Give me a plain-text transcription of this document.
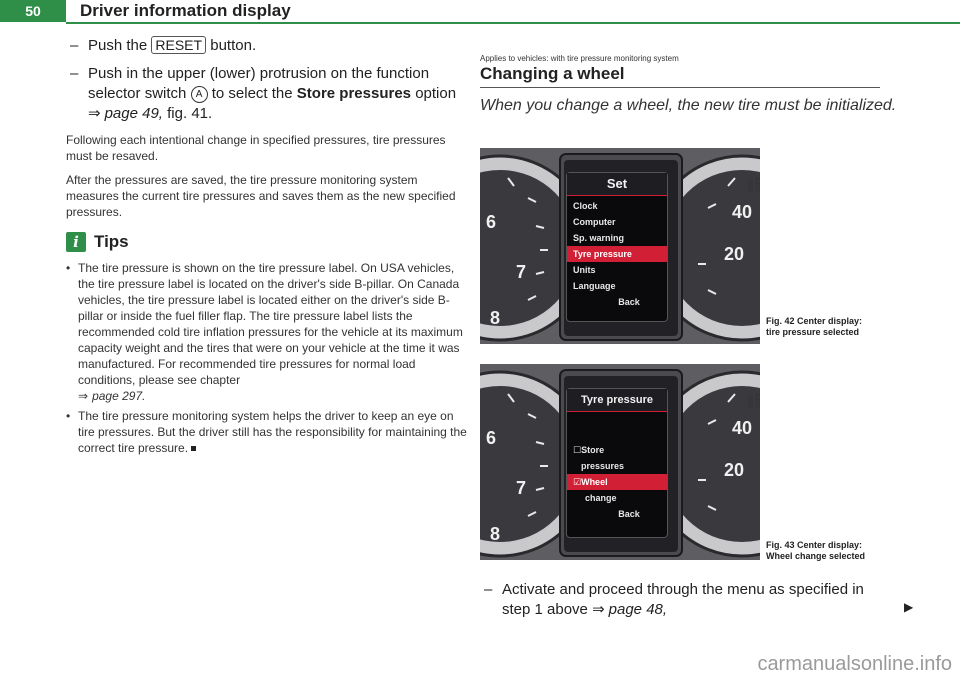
50	Driver information display
– Push the RESET button.
– Push in the upper (lower) protrusion on the function
selector switch A to select the Store pressures option
⇒ page 49, fig. 41.

Following each intentional change in specified pressures, tire pressures must be resaved.

After the pressures are saved, the tire pressure monitoring system measures the current tire pressures and saves them as the new specified pressures.

i Tips
• The tire pressure is shown on the tire pressure label. On USA vehicles, the tire pressure label is located on the driver's side B-pillar. On Canada vehicles, the tire pressure label is located either on the driver's side B-pillar or inside the fuel filler flap. The tire pressure label lists the recommended cold tire inflation pressures for the vehicle at its maximum capacity weight and the tires that were on your vehicle at the time it was manufactured. For recommended tire pressures for normal load conditions, please see chapter
⇒ page 297.
• The tire pressure monitoring system helps the driver to keep an eye on tire pressures. But the driver still has the responsibility for maintaining the correct tire pressure.
Applies to vehicles: with tire pressure monitoring system
Changing a wheel
When you change a wheel, the new tire must be initialized.
Set
Clock
Computer
Sp. warning
Tyre pressure
Units
Language
Back
6
7
8
40
20
B8E-0568
Fig. 42 Center display:
tire pressure selected
Tyre pressure
☐Store
pressures
☑Wheel
change
Back
6
7
8
40
20
B8E-0566
Fig. 43 Center display:
Wheel change selected
– Activate and proceed through the menu as specified in
step 1 above ⇒ page 48,	▶
carmanualsonline.info
